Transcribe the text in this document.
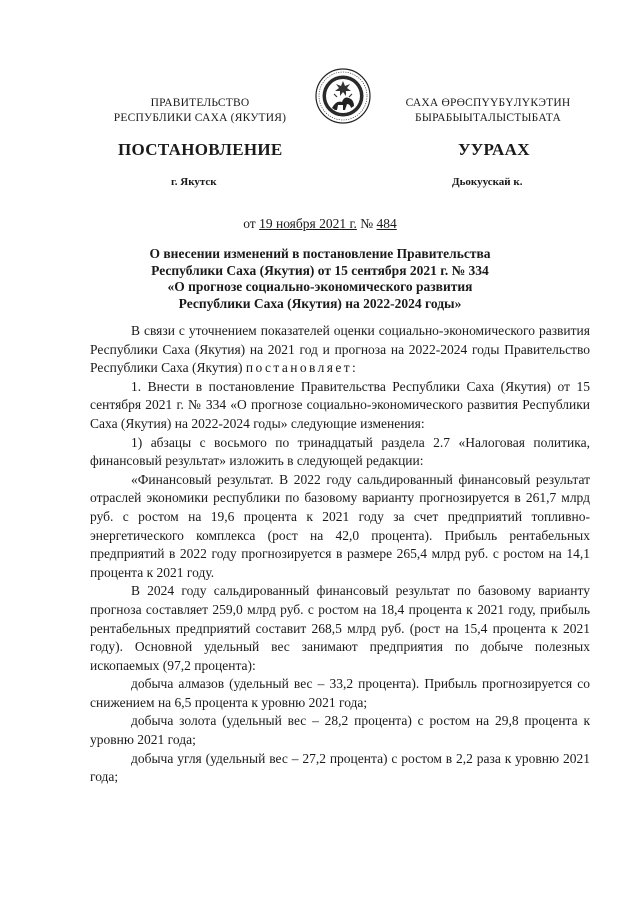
ПРАВИТЕЛЬСТВО
РЕСПУБЛИКИ САХА (ЯКУТИЯ)
САХА ӨРӨСПҮҮБҮЛҮКЭТИН
БЫРАБЫЫТАЛЫСТЫБАТА
ПОСТАНОВЛЕНИЕ	УУРААХ
г. Якутск	Дьокуускай к.
от 19 ноября 2021 г. № 484
О внесении изменений в постановление Правительства
Республики Саха (Якутия) от 15 сентября 2021 г. № 334
«О прогнозе социально-экономического развития
Республики Саха (Якутия) на 2022-2024 годы»

В связи с уточнением показателей оценки социально-экономического развития Республики Саха (Якутия) на 2021 год и прогноза на 2022-2024 годы Правительство Республики Саха (Якутия) постановляет:

1. Внести в постановление Правительства Республики Саха (Якутия) от 15 сентября 2021 г. № 334 «О прогнозе социально-экономического развития Республики Саха (Якутия) на 2022-2024 годы» следующие изменения:

1) абзацы с восьмого по тринадцатый раздела 2.7 «Налоговая политика, финансовый результат» изложить в следующей редакции:

«Финансовый результат. В 2022 году сальдированный финансовый результат отраслей экономики республики по базовому варианту прогнозируется в 261,7 млрд руб. с ростом на 19,6 процента к 2021 году за счет предприятий топливно-энергетического комплекса (рост на 42,0 процента). Прибыль рентабельных предприятий в 2022 году прогнозируется в размере 265,4 млрд руб. с ростом на 14,1 процента к 2021 году.

В 2024 году сальдированный финансовый результат по базовому варианту прогноза составляет 259,0 млрд руб. с ростом на 18,4 процента к 2021 году, прибыль рентабельных предприятий составит 268,5 млрд руб. (рост на 15,4 процента к 2021 году). Основной удельный вес занимают предприятия по добыче полезных ископаемых (97,2 процента):

добыча алмазов (удельный вес – 33,2 процента). Прибыль прогнозируется со снижением на 6,5 процента к уровню 2021 года;

добыча золота (удельный вес – 28,2 процента) с ростом на 29,8 процента к уровню 2021 года;

добыча угля (удельный вес – 27,2 процента) с ростом в 2,2 раза к уровню 2021 года;
